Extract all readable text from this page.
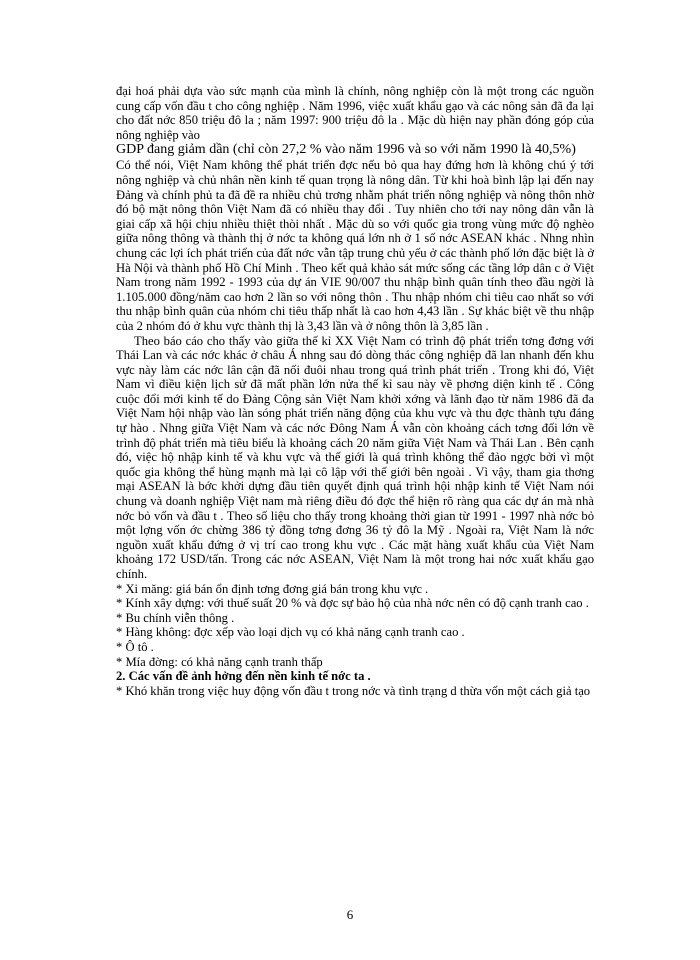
đại hoá phải dựa vào sức mạnh của mình là chính, nông nghiệp còn là một trong các nguồn cung cấp vốn đầu t cho công nghiệp . Năm 1996, việc xuất khẩu gạo và các nông sản đã đa lại cho đất nớc 850 triệu đô la ; năm 1997: 900 triệu đô la . Mặc dù hiện nay phần đóng góp của nông nghiệp vào

GDP đang giảm dần (chỉ còn 27,2 % vào năm 1996 và so với năm 1990 là 40,5%)

Có thể nói, Việt Nam không thể phát triển đợc nếu bỏ qua hay đứng hơn là không chú ý tới nông nghiệp và chủ nhân nền kinh tế quan trọng là nông dân. Từ khi hoà bình lập lại đến nay Đảng và chính phủ ta đã đề ra nhiều chủ trơng nhằm phát triển nông nghiệp và nông thôn nhờ đó bộ mặt nông thôn Việt Nam đã có nhiều thay đổi . Tuy nhiên cho tới nay nông dân vẫn là giai cấp xã hội chịu nhiều thiệt thòi nhất . Mặc dù so với quốc gia trong vùng mức độ nghèo giữa nông thông và thành thị ở nớc ta không quá lớn nh ở 1 số nớc ASEAN khác . Nhng nhìn chung các lợi ích phát triển của đất nớc vẫn tập trung chủ yếu ở các thành phố lớn đặc biệt là ở Hà Nội và thành phố Hồ Chí Minh . Theo kết quả khảo sát mức sống các tầng lớp dân c ở Việt Nam trong năm 1992 - 1993 của dự án VIE 90/007 thu nhập bình quân tính theo đầu ngời là 1.105.000 đồng/năm cao hơn 2 lần so với nông thôn . Thu nhập nhóm chi tiêu cao nhất so với thu nhập bình quân của nhóm chi tiêu thấp nhất là cao hơn 4,43 lần . Sự khác biệt về thu nhập của 2 nhóm đó ở khu vực thành thị là 3,43 lần và ở nông thôn là 3,85 lần .

Theo báo cáo cho thấy vào giữa thế kỉ XX Việt Nam có trình độ phát triển tơng đơng với Thái Lan và các nớc khác ở châu Á nhng sau đó dòng thác công nghiệp đã lan nhanh đến khu vực này làm các nớc lân cận đã nối đuôi nhau trong quá trình phát triển . Trong khi đó, Việt Nam vì điều kiện lịch sử đã mất phần lớn nửa thế kỉ sau này về phơng diện kinh tế . Công cuộc đổi mới kinh tế do Đảng Cộng sản Việt Nam khởi xớng và lãnh đạo từ năm 1986 đã đa Việt Nam hội nhập vào làn sóng phát triển năng động của khu vực và thu đợc thành tựu đáng tự hào . Nhng giữa Việt Nam và các nớc Đông Nam Á vẫn còn khoảng cách tơng đối lớn về trình độ phát triển mà tiêu biểu là khoảng cách 20 năm giữa Việt Nam và Thái Lan . Bên cạnh đó, việc hộ nhập kinh tế và khu vực và thế giới là quá trình không thể đảo ngợc bởi vì một quốc gia không thể hùng mạnh mà lại cô lập với thế giới bên ngoài . Vì vậy, tham gia thơng mại ASEAN là bớc khởi dựng đầu tiên quyết định quá trình hội nhập kinh tế Việt Nam nói chung và doanh nghiệp Việt nam mà riêng điều đó đợc thể hiện rõ ràng qua các dự án mà nhà nớc bỏ vốn và đầu t . Theo số liệu cho thấy trong khoảng thời gian từ 1991 - 1997 nhà nớc bỏ một lợng vốn ớc chừng 386 tỷ đồng tơng đơng 36 tỷ đô la Mỹ . Ngoài ra, Việt Nam là nớc nguồn xuất khẩu đứng ở vị trí cao trong khu vực . Các mặt hàng xuất khẩu của Việt Nam khoảng 172 USD/tấn. Trong các nớc ASEAN, Việt Nam là một trong hai nớc xuất khẩu gạo chính.

* Xi măng: giá bán ổn định tơng đơng giá bán trong khu vực .

* Kính xây dựng: với thuế suất 20 % và đợc sự bảo hộ của nhà nớc nên có độ cạnh tranh cao .

* Bu chính viễn thông .

* Hàng không: đợc xếp vào loại dịch vụ có khả năng cạnh tranh cao .

* Ô tô .

* Mía đờng: có khả năng cạnh tranh thấp

2. Các vấn đề ảnh hởng đến nền kinh tế nớc ta .

* Khó khăn trong việc huy động vốn đầu t trong nớc và tình trạng d thừa vốn một cách giả tạo

6
